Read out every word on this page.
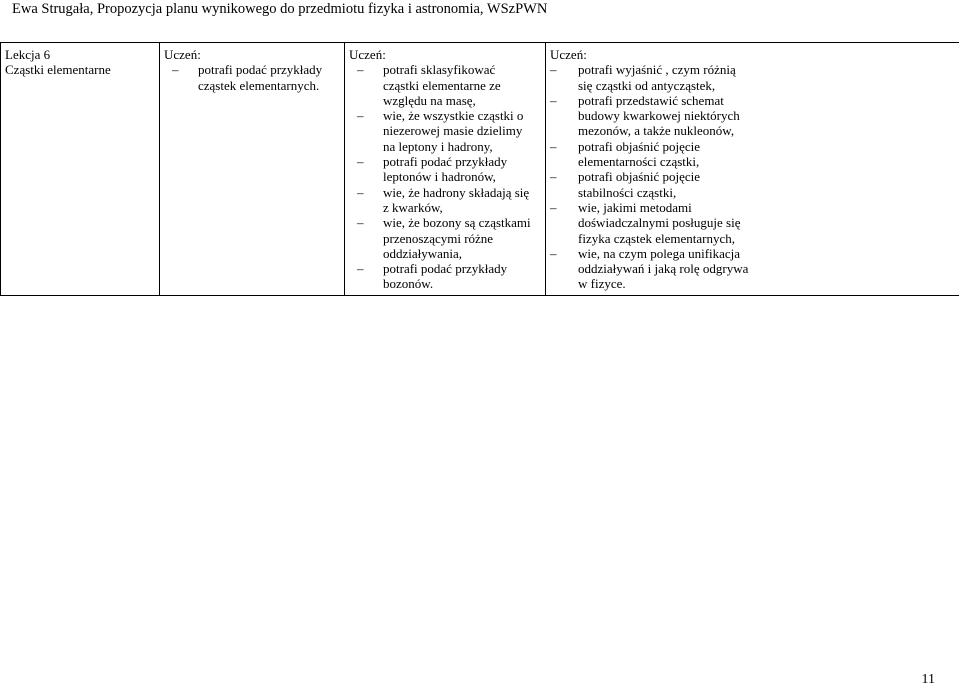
Ewa Strugała, Propozycja planu wynikowego do przedmiotu fizyka i astronomia, WSzPWN
Lekcja 6
Cząstki elementarne

Uczeń:
– potrafi podać przykłady cząstek elementarnych.

Uczeń:
– potrafi sklasyfikować cząstki elementarne ze względu na masę,
– wie, że wszystkie cząstki o niezerowej masie dzielimy na leptony i hadrony,
– potrafi podać przykłady leptonów i hadronów,
– wie, że hadrony składają się z kwarków,
– wie, że bozony są cząstkami przenoszącymi różne oddziaływania,
– potrafi podać przykłady bozonów.

Uczeń:
– potrafi wyjaśnić , czym różnią się cząstki od antycząstek,
– potrafi przedstawić schemat budowy kwarkowej niektórych mezonów, a także nukleonów,
– potrafi objaśnić pojęcie elementarności cząstki,
– potrafi objaśnić pojęcie stabilności cząstki,
– wie, jakimi metodami doświadczalnymi posługuje się fizyka cząstek elementarnych,
– wie, na czym polega unifikacja oddziaływań i jaką rolę odgrywa w fizyce.
11
